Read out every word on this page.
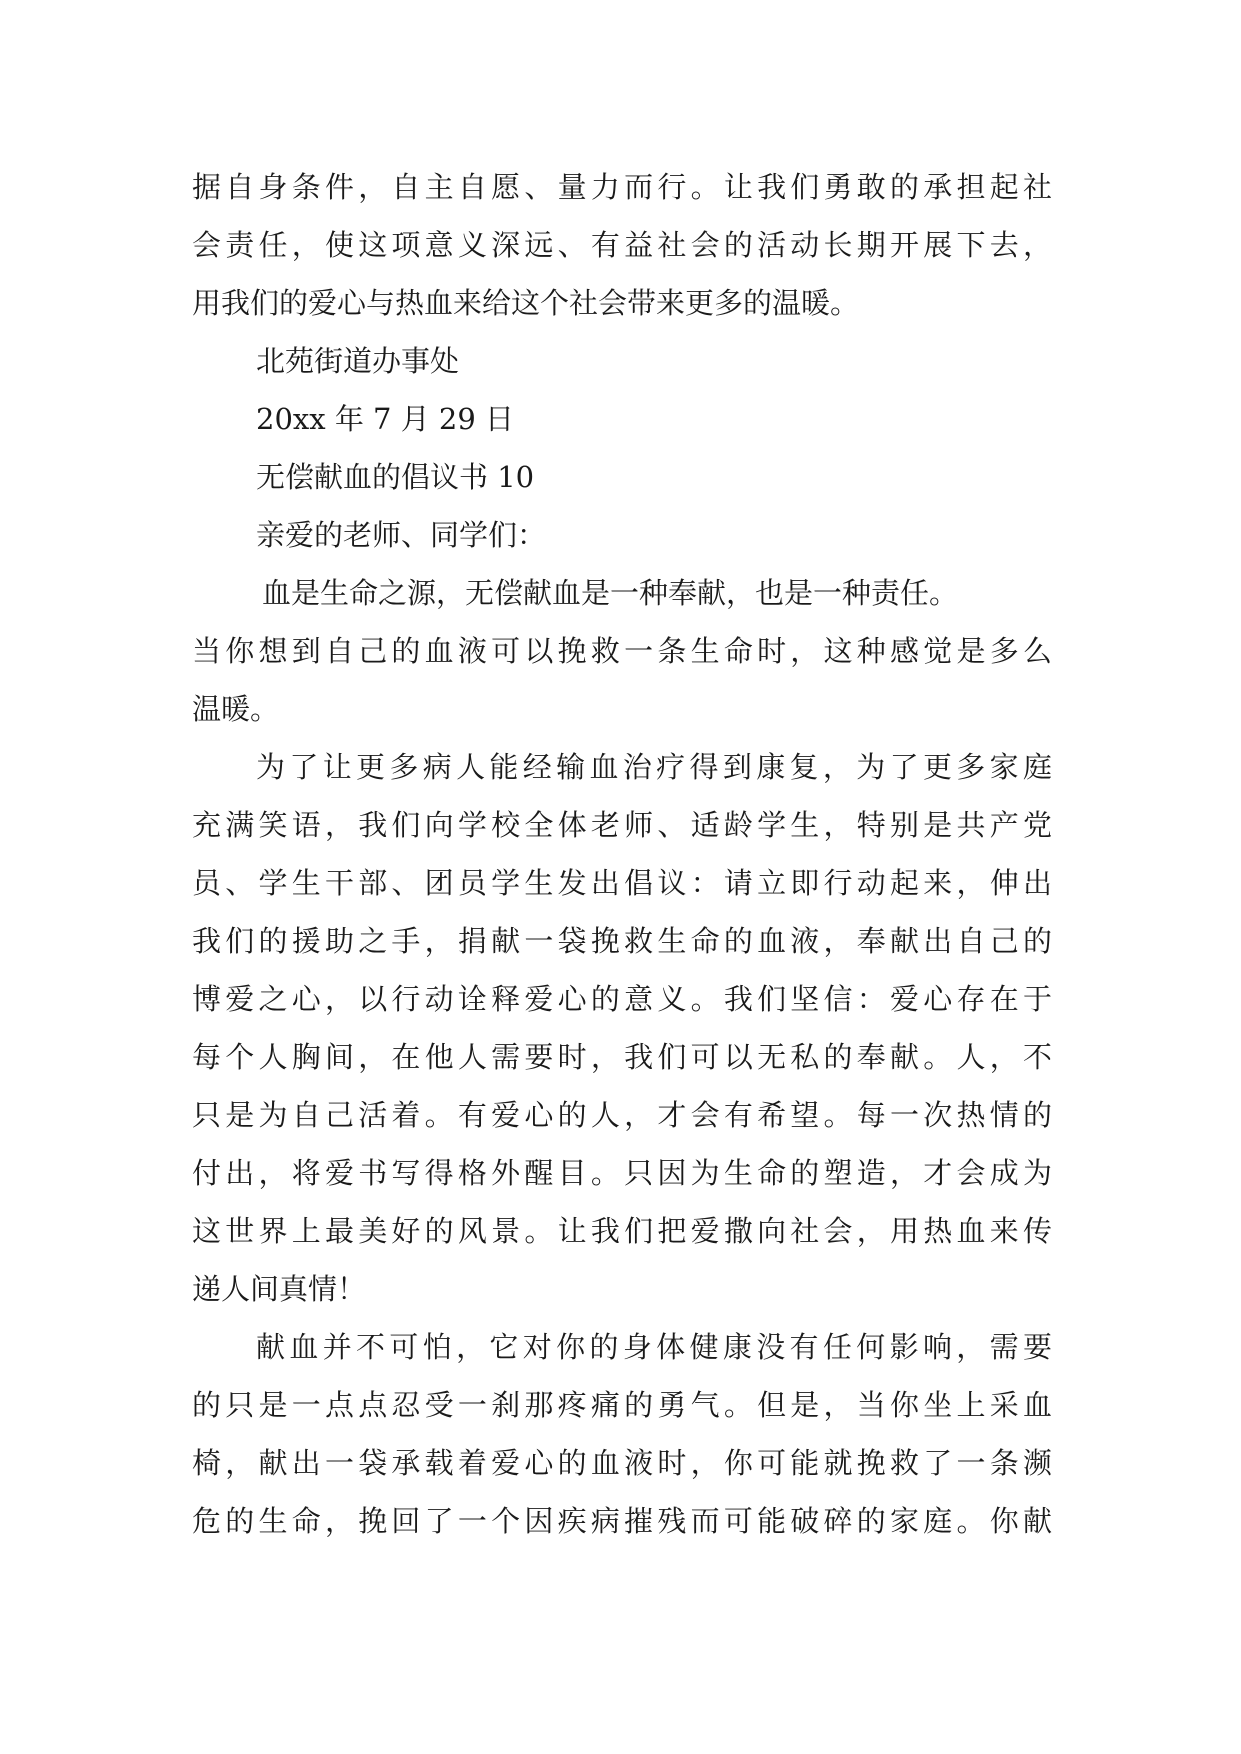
据自身条件，自主自愿、量力而行。让我们勇敢的承担起社
会责任，使这项意义深远、有益社会的活动长期开展下去，
用我们的爱心与热血来给这个社会带来更多的温暖。
北苑街道办事处
20xx 年 7 月 29 日
无偿献血的倡议书 10
亲爱的老师、同学们：
血是生命之源，无偿献血是一种奉献，也是一种责任。
当你想到自己的血液可以挽救一条生命时，这种感觉是多么
温暖。
为了让更多病人能经输血治疗得到康复，为了更多家庭
充满笑语，我们向学校全体老师、适龄学生，特别是共产党
员、学生干部、团员学生发出倡议：请立即行动起来，伸出
我们的援助之手，捐献一袋挽救生命的血液，奉献出自己的
博爱之心，以行动诠释爱心的意义。我们坚信：爱心存在于
每个人胸间，在他人需要时，我们可以无私的奉献。人，不
只是为自己活着。有爱心的人，才会有希望。每一次热情的
付出，将爱书写得格外醒目。只因为生命的塑造，才会成为
这世界上最美好的风景。让我们把爱撒向社会，用热血来传
递人间真情！
献血并不可怕，它对你的身体健康没有任何影响，需要
的只是一点点忍受一刹那疼痛的勇气。但是，当你坐上采血
椅，献出一袋承载着爱心的血液时，你可能就挽救了一条濒
危的生命，挽回了一个因疾病摧残而可能破碎的家庭。你献
